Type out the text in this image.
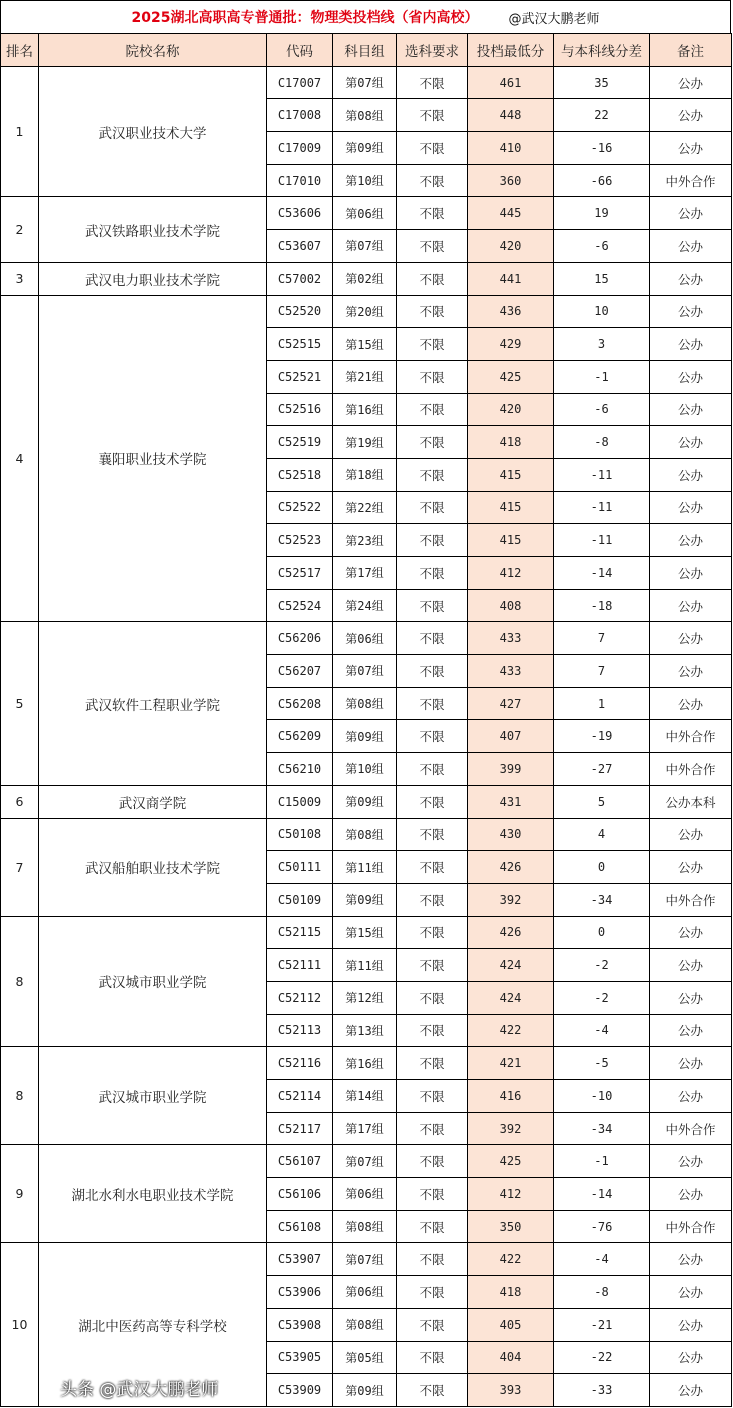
2025湖北高职高专普通批：物理类投档线（省内高校） @武汉大鹏老师
排名	院校名称	代码	科目组	选科要求	投档最低分	与本科线分差	备注
1	武汉职业技术大学	C17007	第07组	不限	461	35	公办
		C17008	第08组	不限	448	22	公办
		C17009	第09组	不限	410	-16	公办
		C17010	第10组	不限	360	-66	中外合作
2	武汉铁路职业技术学院	C53606	第06组	不限	445	19	公办
		C53607	第07组	不限	420	-6	公办
3	武汉电力职业技术学院	C57002	第02组	不限	441	15	公办
4	襄阳职业技术学院	C52520	第20组	不限	436	10	公办
		C52515	第15组	不限	429	3	公办
		C52521	第21组	不限	425	-1	公办
		C52516	第16组	不限	420	-6	公办
		C52519	第19组	不限	418	-8	公办
		C52518	第18组	不限	415	-11	公办
		C52522	第22组	不限	415	-11	公办
		C52523	第23组	不限	415	-11	公办
		C52517	第17组	不限	412	-14	公办
		C52524	第24组	不限	408	-18	公办
5	武汉软件工程职业学院	C56206	第06组	不限	433	7	公办
		C56207	第07组	不限	433	7	公办
		C56208	第08组	不限	427	1	公办
		C56209	第09组	不限	407	-19	中外合作
		C56210	第10组	不限	399	-27	中外合作
6	武汉商学院	C15009	第09组	不限	431	5	公办本科
7	武汉船舶职业技术学院	C50108	第08组	不限	430	4	公办
		C50111	第11组	不限	426	0	公办
		C50109	第09组	不限	392	-34	中外合作
8	武汉城市职业学院	C52115	第15组	不限	426	0	公办
		C52111	第11组	不限	424	-2	公办
		C52112	第12组	不限	424	-2	公办
		C52113	第13组	不限	422	-4	公办
8	武汉城市职业学院	C52116	第16组	不限	421	-5	公办
		C52114	第14组	不限	416	-10	公办
		C52117	第17组	不限	392	-34	中外合作
9	湖北水利水电职业技术学院	C56107	第07组	不限	425	-1	公办
		C56106	第06组	不限	412	-14	公办
		C56108	第08组	不限	350	-76	中外合作
10	湖北中医药高等专科学校	C53907	第07组	不限	422	-4	公办
		C53906	第06组	不限	418	-8	公办
		C53908	第08组	不限	405	-21	公办
		C53905	第05组	不限	404	-22	公办
		C53909	第09组	不限	393	-33	公办
头条 @武汉大鹏老师
